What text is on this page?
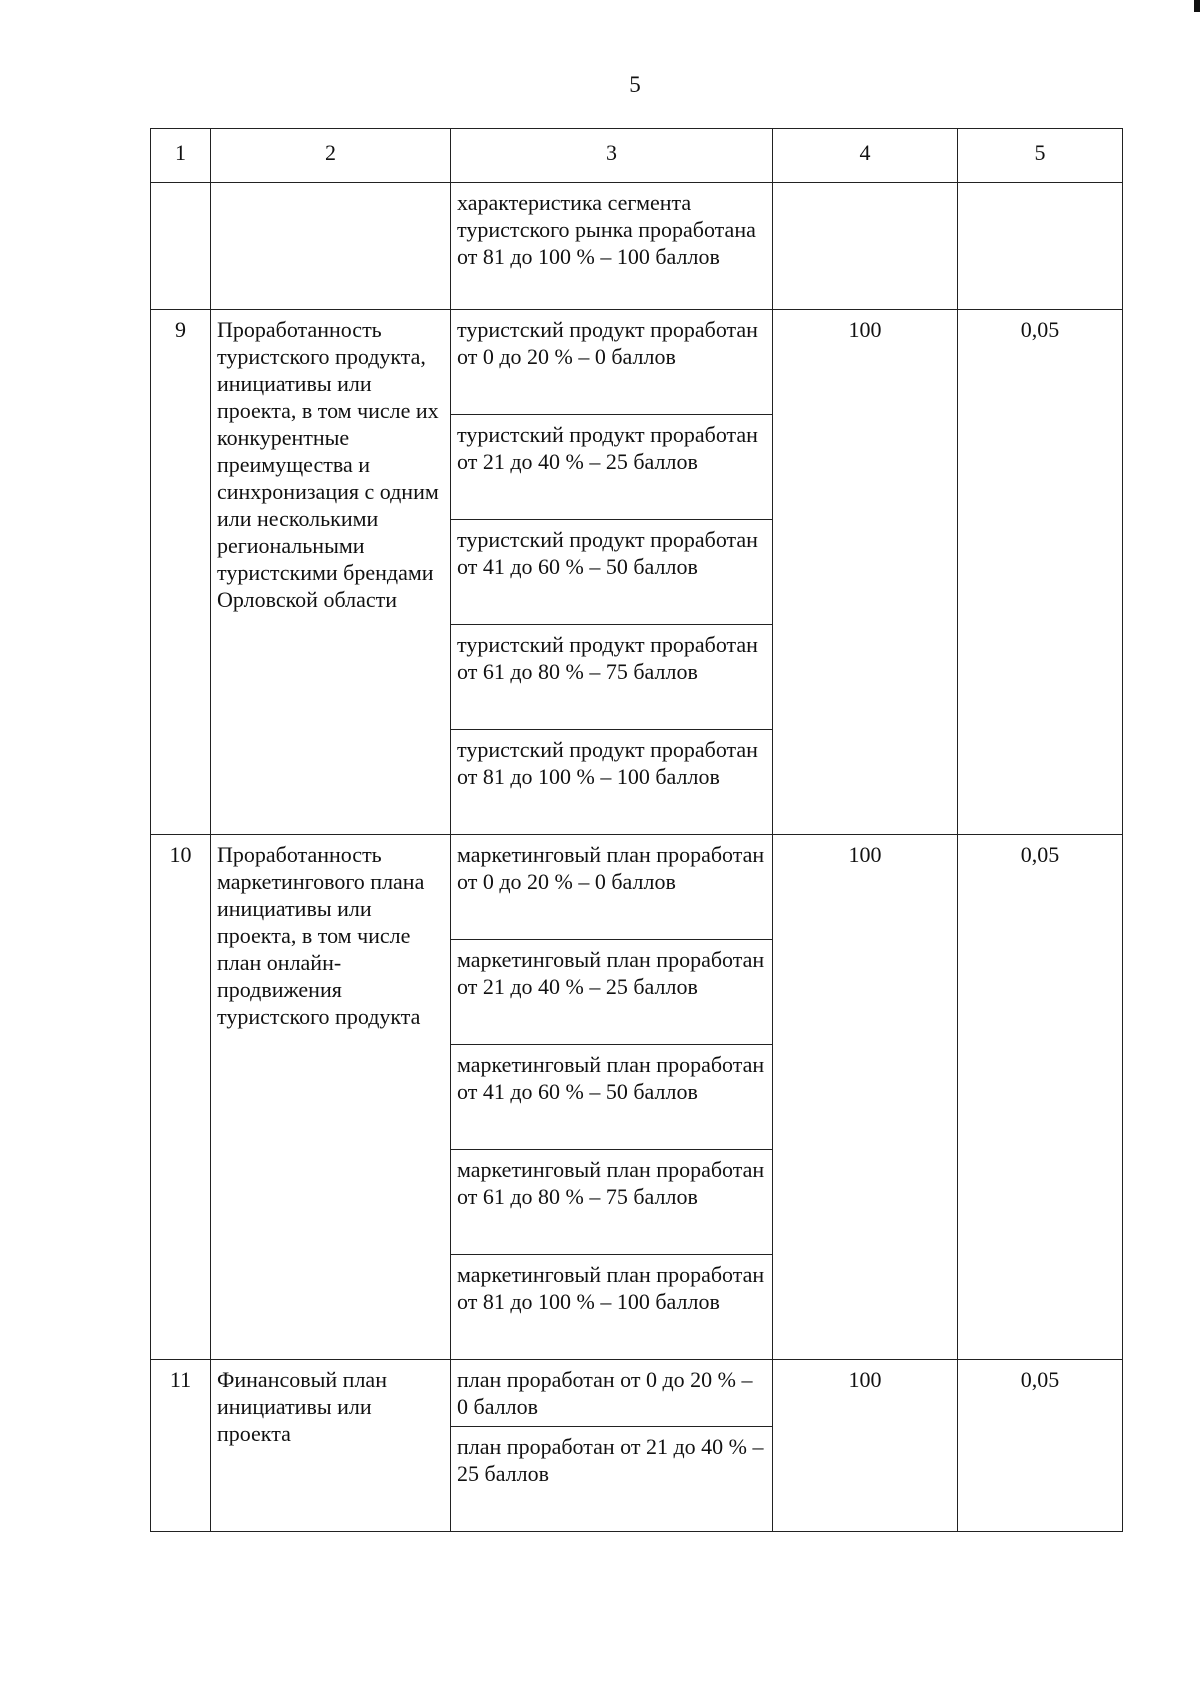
5
1	2	3	4	5
		характеристика сегмента туристского рынка проработана от 81 до 100 % – 100 баллов		
9	Проработанность туристского продукта, инициативы или проекта, в том числе их конкурентные преимущества и синхронизация с одним или несколькими региональными туристскими брендами Орловской области	туристский продукт проработан от 0 до 20 % – 0 баллов	100	0,05
		туристский продукт проработан от 21 до 40 % – 25 баллов		
		туристский продукт проработан от 41 до 60 % – 50 баллов		
		туристский продукт проработан от 61 до 80 % – 75 баллов		
		туристский продукт проработан от 81 до 100 % – 100 баллов		
10	Проработанность маркетингового плана инициативы или проекта, в том числе план онлайн-продвижения туристского продукта	маркетинговый план проработан от 0 до 20 % – 0 баллов	100	0,05
		маркетинговый план проработан от 21 до 40 % – 25 баллов		
		маркетинговый план проработан от 41 до 60 % – 50 баллов		
		маркетинговый план проработан от 61 до 80 % – 75 баллов		
		маркетинговый план проработан от 81 до 100 % – 100 баллов		
11	Финансовый план инициативы или проекта	план проработан от 0 до 20 % – 0 баллов	100	0,05
		план проработан от 21 до 40 % – 25 баллов		
